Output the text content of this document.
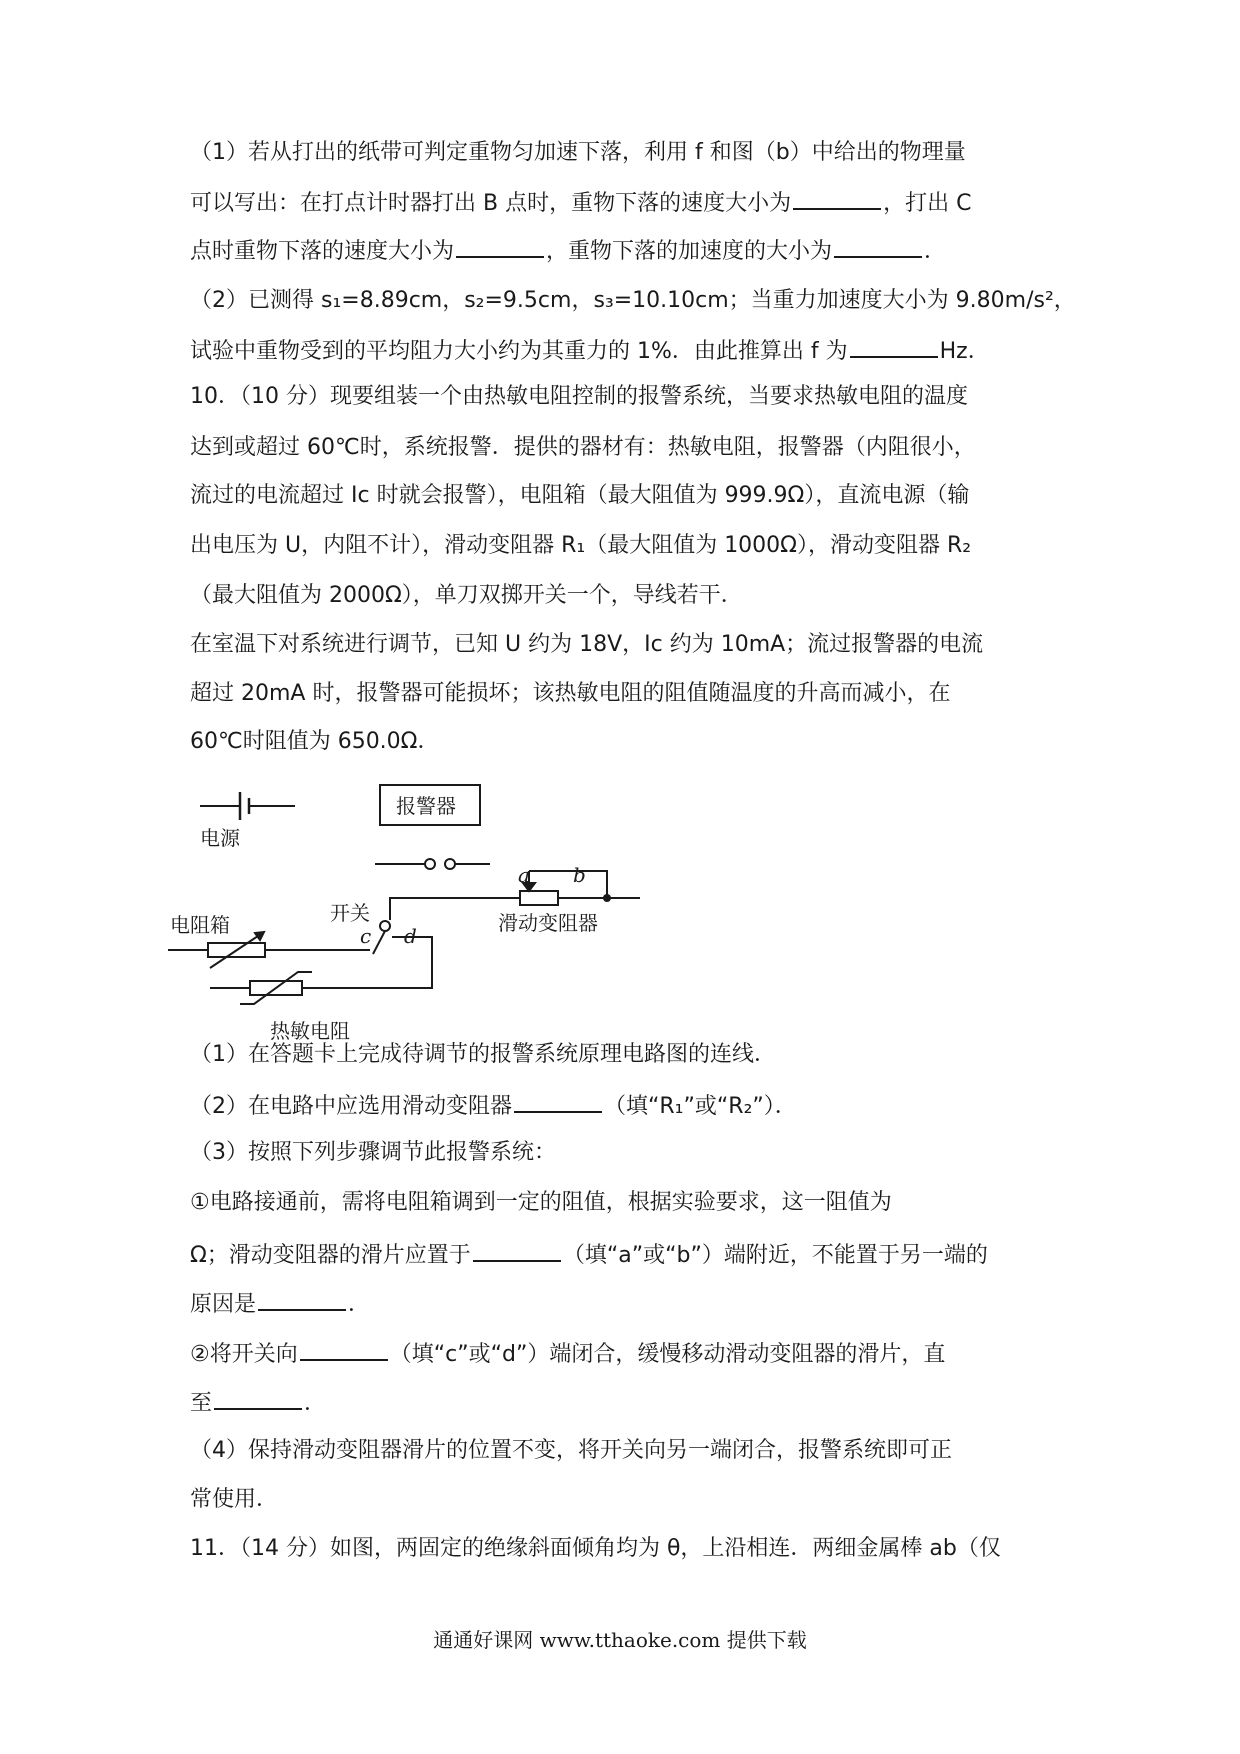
（1）若从打出的纸带可判定重物匀加速下落，利用 f 和图（b）中给出的物理量
可以写出：在打点计时器打出 B 点时，重物下落的速度大小为	，打出 C
点时重物下落的速度大小为	，重物下落的加速度的大小为	．
（2）已测得 s₁=8.89cm，s₂=9.5cm，s₃=10.10cm；当重力加速度大小为 9.80m/s²，
试验中重物受到的平均阻力大小约为其重力的 1%．由此推算出 f 为	Hz．
10．（10 分）现要组装一个由热敏电阻控制的报警系统，当要求热敏电阻的温度
达到或超过 60℃时，系统报警．提供的器材有：热敏电阻，报警器（内阻很小，
流过的电流超过 Ic 时就会报警），电阻箱（最大阻值为 999.9Ω），直流电源（输
出电压为 U，内阻不计），滑动变阻器 R₁（最大阻值为 1000Ω），滑动变阻器 R₂
（最大阻值为 2000Ω），单刀双掷开关一个，导线若干．
在室温下对系统进行调节，已知 U 约为 18V，Ic 约为 10mA；流过报警器的电流
超过 20mA 时，报警器可能损坏；该热敏电阻的阻值随温度的升高而减小，在
60℃时阻值为 650.0Ω．
（1）在答题卡上完成待调节的报警系统原理电路图的连线．
（2）在电路中应选用滑动变阻器	（填“R₁”或“R₂”）．
（3）按照下列步骤调节此报警系统：
①电路接通前，需将电阻箱调到一定的阻值，根据实验要求，这一阻值为
Ω；滑动变阻器的滑片应置于	（填“a”或“b”）端附近，不能置于另一端的
原因是	．
②将开关向	（填“c”或“d”）端闭合，缓慢移动滑动变阻器的滑片，直
至	．
（4）保持滑动变阻器滑片的位置不变，将开关向另一端闭合，报警系统即可正
常使用．
11．（14 分）如图，两固定的绝缘斜面倾角均为 θ，上沿相连．两细金属棒 ab（仅
电源
报警器
滑动变阻器
开关
电阻箱
热敏电阻
a b
c d
通通好课网 www.tthaoke.com 提供下载
